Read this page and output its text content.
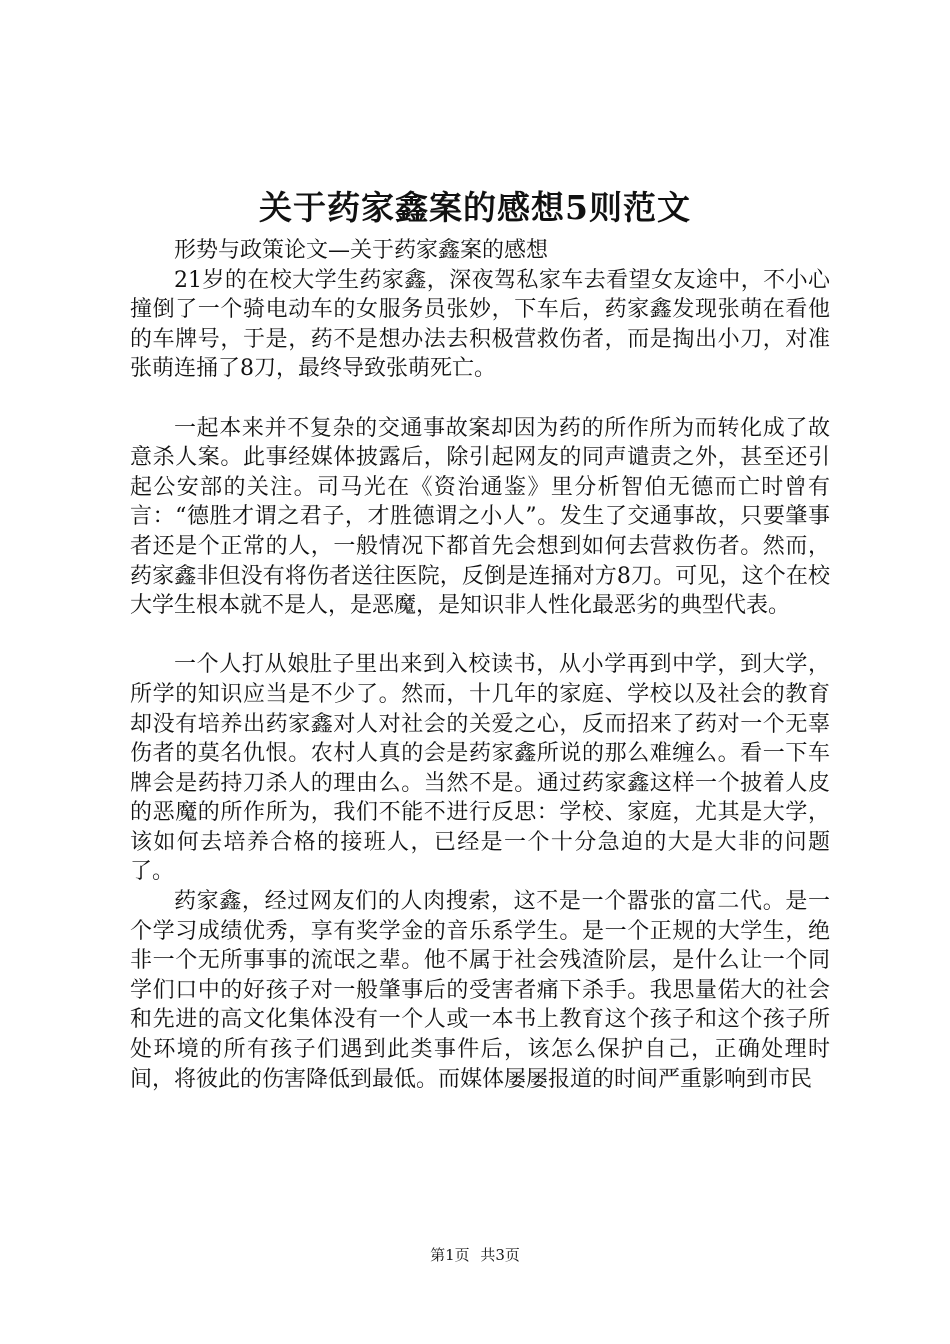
关于药家鑫案的感想5则范文

形势与政策论文—关于药家鑫案的感想

21岁的在校大学生药家鑫，深夜驾私家车去看望女友途中，不小心撞倒了一个骑电动车的女服务员张妙，下车后，药家鑫发现张萌在看他的车牌号，于是，药不是想办法去积极营救伤者，而是掏出小刀，对准张萌连捅了8刀，最终导致张萌死亡。

一起本来并不复杂的交通事故案却因为药的所作所为而转化成了故意杀人案。此事经媒体披露后，除引起网友的同声谴责之外，甚至还引起公安部的关注。司马光在《资治通鉴》里分析智伯无德而亡时曾有言：“德胜才谓之君子，才胜德谓之小人”。发生了交通事故，只要肇事者还是个正常的人，一般情况下都首先会想到如何去营救伤者。然而，药家鑫非但没有将伤者送往医院，反倒是连捅对方8刀。可见，这个在校大学生根本就不是人，是恶魔，是知识非人性化最恶劣的典型代表。

一个人打从娘肚子里出来到入校读书，从小学再到中学，到大学，所学的知识应当是不少了。然而，十几年的家庭、学校以及社会的教育却没有培养出药家鑫对人对社会的关爱之心，反而招来了药对一个无辜伤者的莫名仇恨。农村人真的会是药家鑫所说的那么难缠么。看一下车牌会是药持刀杀人的理由么。当然不是。通过药家鑫这样一个披着人皮的恶魔的所作所为，我们不能不进行反思：学校、家庭，尤其是大学，该如何去培养合格的接班人，已经是一个十分急迫的大是大非的问题了。

药家鑫，经过网友们的人肉搜索，这不是一个嚣张的富二代。是一个学习成绩优秀，享有奖学金的音乐系学生。是一个正规的大学生，绝非一个无所事事的流氓之辈。他不属于社会残渣阶层，是什么让一个同学们口中的好孩子对一般肇事后的受害者痛下杀手。我思量偌大的社会和先进的高文化集体没有一个人或一本书上教育这个孩子和这个孩子所处环境的所有孩子们遇到此类事件后，该怎么保护自己，正确处理时间，将彼此的伤害降低到最低。而媒体屡屡报道的时间严重影响到市民

第1页 共3页
